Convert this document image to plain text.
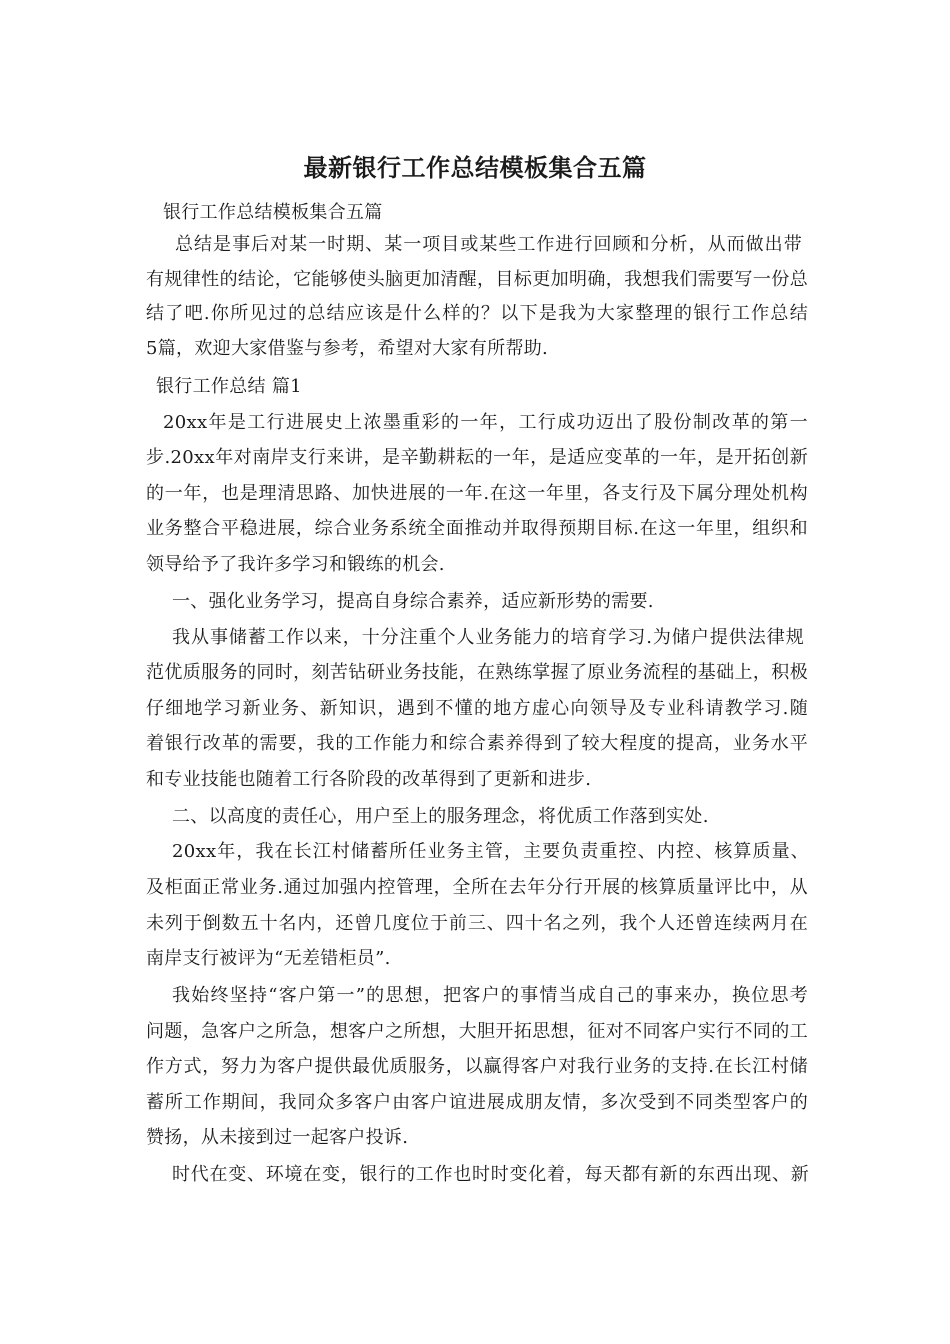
最新银行工作总结模板集合五篇
银行工作总结模板集合五篇
总结是事后对某一时期、某一项目或某些工作进行回顾和分析，从而做出带
有规律性的结论，它能够使头脑更加清醒，目标更加明确，我想我们需要写一份总
结了吧.你所见过的总结应该是什么样的？以下是我为大家整理的银行工作总结
5篇，欢迎大家借鉴与参考，希望对大家有所帮助.
银行工作总结 篇1
20xx年是工行进展史上浓墨重彩的一年，工行成功迈出了股份制改革的第一
步.20xx年对南岸支行来讲，是辛勤耕耘的一年，是适应变革的一年，是开拓创新
的一年，也是理清思路、加快进展的一年.在这一年里，各支行及下属分理处机构
业务整合平稳进展，综合业务系统全面推动并取得预期目标.在这一年里，组织和
领导给予了我许多学习和锻练的机会.
一、强化业务学习，提高自身综合素养，适应新形势的需要.
我从事储蓄工作以来，十分注重个人业务能力的培育学习.为储户提供法律规
范优质服务的同时，刻苦钻研业务技能，在熟练掌握了原业务流程的基础上，积极
仔细地学习新业务、新知识，遇到不懂的地方虚心向领导及专业科请教学习.随
着银行改革的需要，我的工作能力和综合素养得到了较大程度的提高，业务水平
和专业技能也随着工行各阶段的改革得到了更新和进步.
二、以高度的责任心，用户至上的服务理念，将优质工作落到实处.
20xx年，我在长江村储蓄所任业务主管，主要负责重控、内控、核算质量、
及柜面正常业务.通过加强内控管理，全所在去年分行开展的核算质量评比中，从
未列于倒数五十名内，还曾几度位于前三、四十名之列，我个人还曾连续两月在
南岸支行被评为“无差错柜员”.
我始终坚持“客户第一”的思想，把客户的事情当成自己的事来办，换位思考
问题，急客户之所急，想客户之所想，大胆开拓思想，征对不同客户实行不同的工
作方式，努力为客户提供最优质服务，以赢得客户对我行业务的支持.在长江村储
蓄所工作期间，我同众多客户由客户谊进展成朋友情，多次受到不同类型客户的
赞扬，从未接到过一起客户投诉.
时代在变、环境在变，银行的工作也时时变化着，每天都有新的东西出现、新
